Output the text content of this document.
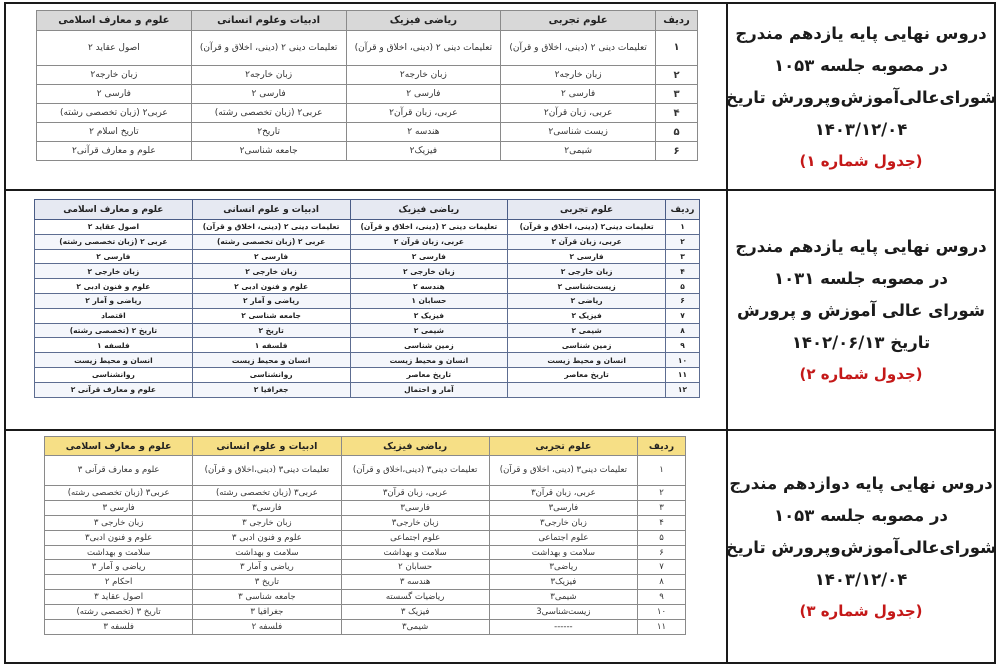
ردیف	علوم تجربی	ریاضی فیزیک	ادبیات وعلوم انسانی	علوم و معارف اسلامی
۱	تعلیمات دینی ۲ (دینی، اخلاق و قرآن)	تعلیمات دینی ۲ (دینی، اخلاق و قرآن)	تعلیمات دینی ۲ (دینی، اخلاق و قرآن)	اصول عقاید ۲
۲	زبان خارجه۲	زبان خارجه۲	زبان خارجه۲	زبان خارجه۲
۳	فارسی ۲	فارسی ۲	فارسی ۲	فارسی ۲
۴	عربی، زبان قرآن۲	عربی، زبان قرآن۲	عربی۲ (زبان تخصصی رشته)	عربی۲ (زبان تخصصی رشته)
۵	زیست شناسی۲	هندسه ۲	تاریخ۲	تاریخ اسلام ۲
۶	شیمی۲	فیزیک۲	جامعه شناسی۲	علوم و معارف قرآنی۲
دروس نهایی پایه یازدهم مندرج
در مصوبه جلسه ۱۰۵۳
شورای‌عالی‌آموزش‌وپرورش تاریخ
۱۴۰۳/۱۲/۰۴
(جدول شماره ۱)
ردیف	علوم تجربی	ریاضی فیزیک	ادبیات و علوم انسانی	علوم و معارف اسلامی
۱	تعلیمات دینی۲ (دینی، اخلاق و قرآن)	تعلیمات دینی ۲ (دینی، اخلاق و قرآن)	تعلیمات دینی ۲ (دینی، اخلاق و قرآن)	اصول عقاید ۲
۲	عربی، زبان قرآن ۲	عربی، زبان قرآن ۲	عربی ۲ (زبان تخصصی رشته)	عربی ۲ (زبان تخصصی رشته)
۳	فارسی ۲	فارسی ۲	فارسی ۲	فارسی ۲
۴	زبان خارجی ۲	زبان خارجی ۲	زبان خارجی ۲	زبان خارجی ۲
۵	زیست‌شناسی ۲	هندسه ۲	علوم و فنون ادبی ۲	علوم و فنون ادبی ۲
۶	ریاضی ۲	حسابان ۱	ریاضی و آمار ۲	ریاضی و آمار ۲
۷	فیزیک ۲	فیزیک ۲	جامعه شناسی ۲	اقتصاد
۸	شیمی ۲	شیمی ۲	تاریخ ۲	تاریخ ۲ (تخصصی رشته)
۹	زمین شناسی	زمین شناسی	فلسفه ۱	فلسفه ۱
۱۰	انسان و محیط زیست	انسان و محیط زیست	انسان و محیط زیست	انسان و محیط زیست
۱۱	تاریخ معاصر	تاریخ معاصر	روانشناسی	روانشناسی
۱۲		آمار و احتمال	جغرافیا ۲	علوم و معارف قرآنی ۲
دروس نهایی پایه یازدهم مندرج
در مصوبه جلسه ۱۰۳۱
شورای عالی آموزش و پرورش
تاریخ ۱۴۰۲/۰۶/۱۳
(جدول شماره ۲)
ردیف	علوم تجربی	ریاضی فیزیک	ادبیات و علوم انسانی	علوم و معارف اسلامی
۱	تعلیمات دینی۳ (دینی، اخلاق و قرآن)	تعلیمات دینی۳ (دینی،اخلاق و قرآن)	تعلیمات دینی۳ (دینی،اخلاق و قرآن)	علوم و معارف قرآنی ۳
۲	عربی، زبان قرآن۳	عربی، زبان قرآن۳	عربی۳ (زبان تخصصی رشته)	عربی۳ (زبان تخصصی رشته)
۳	فارسی۳	فارسی۳	فارسی۳	فارسی ۳
۴	زبان خارجی۳	زبان خارجی۳	زبان خارجی ۳	زبان خارجی ۳
۵	علوم اجتماعی	علوم اجتماعی	علوم و فنون ادبی ۳	علوم و فنون ادبی۳
۶	سلامت و بهداشت	سلامت و بهداشت	سلامت و بهداشت	سلامت و بهداشت
۷	ریاضی۳	حسابان ۲	ریاضی و آمار ۳	ریاضی و آمار ۳
۸	فیزیک۳	هندسه ۳	تاریخ ۳	احکام ۲
۹	شیمی۳	ریاضیات گسسته	جامعه شناسی ۳	اصول عقاید ۳
۱۰	زیست‌شناسی3	فیزیک ۳	جغرافیا ۳	تاریخ ۳ (تخصصی رشته)
۱۱	------	شیمی۳	فلسفه ۲	فلسفه ۳
دروس نهایی پایه دوازدهم مندرج
در مصوبه جلسه ۱۰۵۳
شورای‌عالی‌آموزش‌وپرورش تاریخ
۱۴۰۳/۱۲/۰۴
(جدول شماره ۳)
